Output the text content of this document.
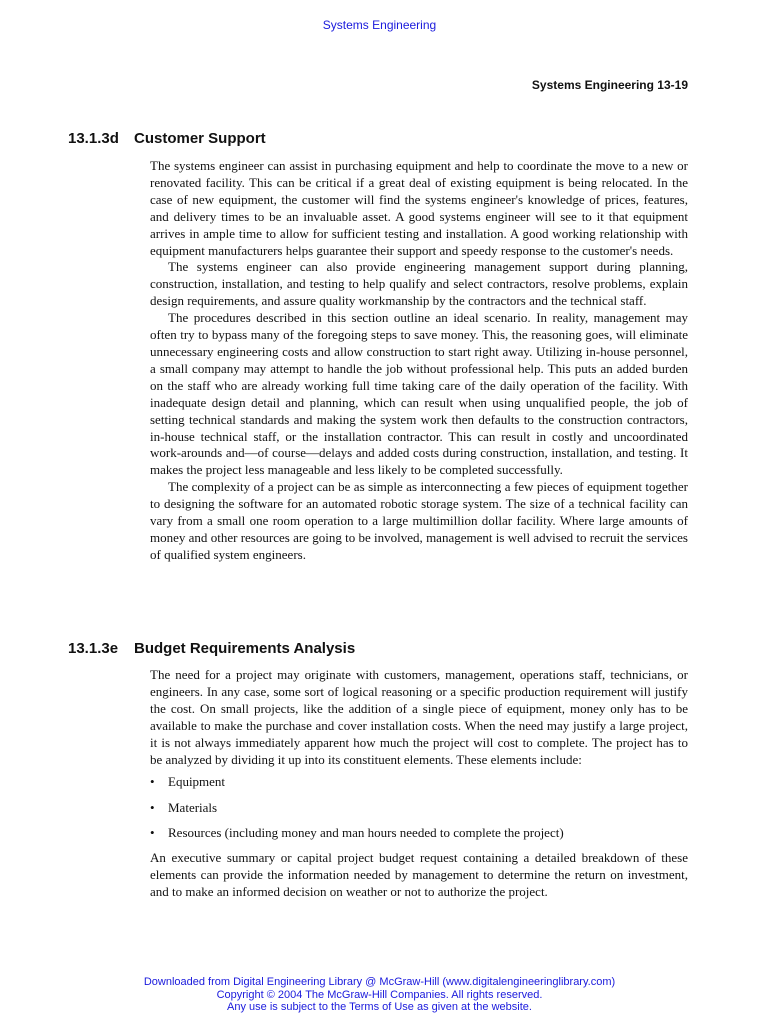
Systems Engineering
Systems Engineering 13-19
13.1.3d Customer Support

The systems engineer can assist in purchasing equipment and help to coordinate the move to a new or renovated facility. This can be critical if a great deal of existing equipment is being relocated. In the case of new equipment, the customer will find the systems engineer's knowledge of prices, features, and delivery times to be an invaluable asset. A good systems engineer will see to it that equipment arrives in ample time to allow for sufficient testing and installation. A good working relationship with equipment manufacturers helps guarantee their support and speedy response to the customer's needs.

The systems engineer can also provide engineering management support during planning, construction, installation, and testing to help qualify and select contractors, resolve problems, explain design requirements, and assure quality workmanship by the contractors and the technical staff.

The procedures described in this section outline an ideal scenario. In reality, management may often try to bypass many of the foregoing steps to save money. This, the reasoning goes, will eliminate unnecessary engineering costs and allow construction to start right away. Utilizing in-house personnel, a small company may attempt to handle the job without professional help. This puts an added burden on the staff who are already working full time taking care of the daily operation of the facility. With inadequate design detail and planning, which can result when using unqualified people, the job of setting technical standards and making the system work then defaults to the construction contractors, in-house technical staff, or the installation contractor. This can result in costly and uncoordinated work-arounds and—of course—delays and added costs during construction, installation, and testing. It makes the project less manageable and less likely to be completed successfully.

The complexity of a project can be as simple as interconnecting a few pieces of equipment together to designing the software for an automated robotic storage system. The size of a technical facility can vary from a small one room operation to a large multimillion dollar facility. Where large amounts of money and other resources are going to be involved, management is well advised to recruit the services of qualified system engineers.

13.1.3e Budget Requirements Analysis

The need for a project may originate with customers, management, operations staff, technicians, or engineers. In any case, some sort of logical reasoning or a specific production requirement will justify the cost. On small projects, like the addition of a single piece of equipment, money only has to be available to make the purchase and cover installation costs. When the need may justify a large project, it is not always immediately apparent how much the project will cost to complete. The project has to be analyzed by dividing it up into its constituent elements. These elements include:

• Equipment
• Materials
• Resources (including money and man hours needed to complete the project)

An executive summary or capital project budget request containing a detailed breakdown of these elements can provide the information needed by management to determine the return on investment, and to make an informed decision on weather or not to authorize the project.

Downloaded from Digital Engineering Library @ McGraw-Hill (www.digitalengineeringlibrary.com)
Copyright © 2004 The McGraw-Hill Companies. All rights reserved.
Any use is subject to the Terms of Use as given at the website.
